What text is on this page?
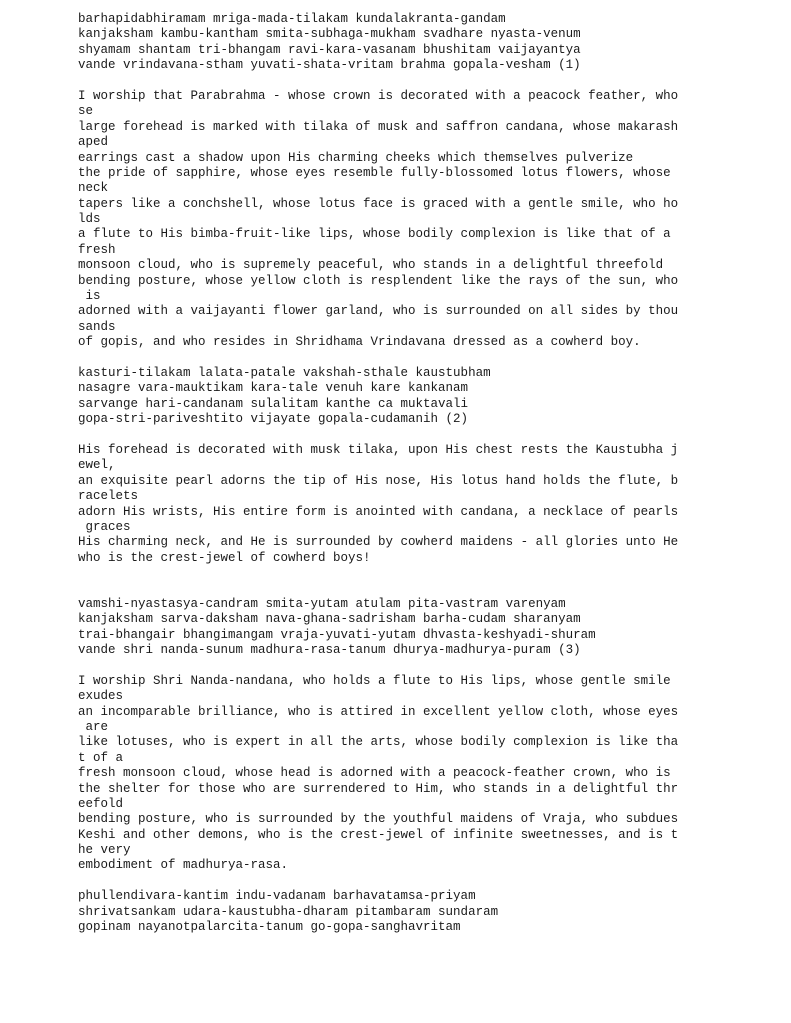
barhapidabhiramam mriga-mada-tilakam kundalakranta-gandam
kanjaksham kambu-kantham smita-subhaga-mukham svadhare nyasta-venum
shyamam shantam tri-bhangam ravi-kara-vasanam bhushitam vaijayantya
vande vrindavana-stham yuvati-shata-vritam brahma gopala-vesham (1)
I worship that Parabrahma - whose crown is decorated with a peacock feather, who
se
large forehead is marked with tilaka of musk and saffron candana, whose makarash
aped
earrings cast a shadow upon His charming cheeks which themselves pulverize
the pride of sapphire, whose eyes resemble fully-blossomed lotus flowers, whose
neck
tapers like a conchshell, whose lotus face is graced with a gentle smile, who ho
lds
a flute to His bimba-fruit-like lips, whose bodily complexion is like that of a
fresh
monsoon cloud, who is supremely peaceful, who stands in a delightful threefold
bending posture, whose yellow cloth is resplendent like the rays of the sun, who
is
adorned with a vaijayanti flower garland, who is surrounded on all sides by thou
sands
of gopis, and who resides in Shridhama Vrindavana dressed as a cowherd boy.
kasturi-tilakam lalata-patale vakshah-sthale kaustubham
nasagre vara-mauktikam kara-tale venuh kare kankanam
sarvange hari-candanam sulalitam kanthe ca muktavali
gopa-stri-pariveshtito vijayate gopala-cudamanih (2)
His forehead is decorated with musk tilaka, upon His chest rests the Kaustubha j
ewel,
an exquisite pearl adorns the tip of His nose, His lotus hand holds the flute, b
racelets
adorn His wrists, His entire form is anointed with candana, a necklace of pearls
graces
His charming neck, and He is surrounded by cowherd maidens - all glories unto He
who is the crest-jewel of cowherd boys!
vamshi-nyastasya-candram smita-yutam atulam pita-vastram varenyam
kanjaksham sarva-daksham nava-ghana-sadrisham barha-cudam sharanyam
trai-bhangair bhangimangam vraja-yuvati-yutam dhvasta-keshyadi-shuram
vande shri nanda-sunum madhura-rasa-tanum dhurya-madhurya-puram (3)
I worship Shri Nanda-nandana, who holds a flute to His lips, whose gentle smile
exudes
an incomparable brilliance, who is attired in excellent yellow cloth, whose eyes
are
like lotuses, who is expert in all the arts, whose bodily complexion is like tha
t of a
fresh monsoon cloud, whose head is adorned with a peacock-feather crown, who is
the shelter for those who are surrendered to Him, who stands in a delightful thr
eefold
bending posture, who is surrounded by the youthful maidens of Vraja, who subdues
Keshi and other demons, who is the crest-jewel of infinite sweetnesses, and is t
he very
embodiment of madhurya-rasa.
phullendivara-kantim indu-vadanam barhavatamsa-priyam
shrivatsankam udara-kaustubha-dharam pitambaram sundaram
gopinam nayanotpalarcita-tanum go-gopa-sanghavritam
